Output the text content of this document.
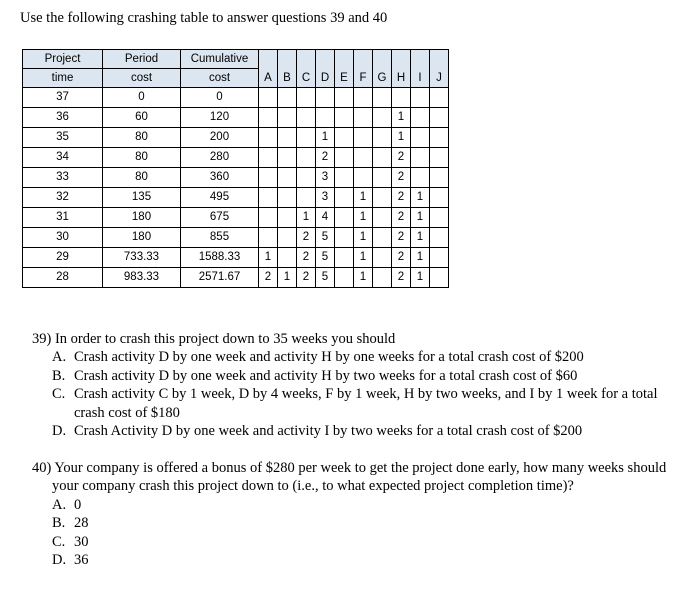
Use the following crashing table to answer questions 39 and 40

Project	Period	Cumulative	A	B	C	D	E	F	G	H	I	J
time	cost	cost										
37	0	0										
36	60	120								1		
35	80	200				1				1		
34	80	280				2				2		
33	80	360				3				2		
32	135	495				3		1		2	1	
31	180	675			1	4		1		2	1	
30	180	855			2	5		1		2	1	
29	733.33	1588.33	1		2	5		1		2	1	
28	983.33	2571.67	2	1	2	5		1		2	1	

39) In order to crash this project down to 35 weeks you should

A. Crash activity D by one week and activity H by one weeks for a total crash cost of $200
B. Crash activity D by one week and activity H by two weeks for a total crash cost of $60
C. Crash activity C by 1 week, D by 4 weeks, F by 1 week, H by two weeks, and I by 1 week for a total crash cost of $180
D. Crash Activity D by one week and activity I by two weeks for a total crash cost of $200

40) Your company is offered a bonus of $280 per week to get the project done early, how many weeks should your company crash this project down to (i.e., to what expected project completion time)?

A. 0
B. 28
C. 30
D. 36
